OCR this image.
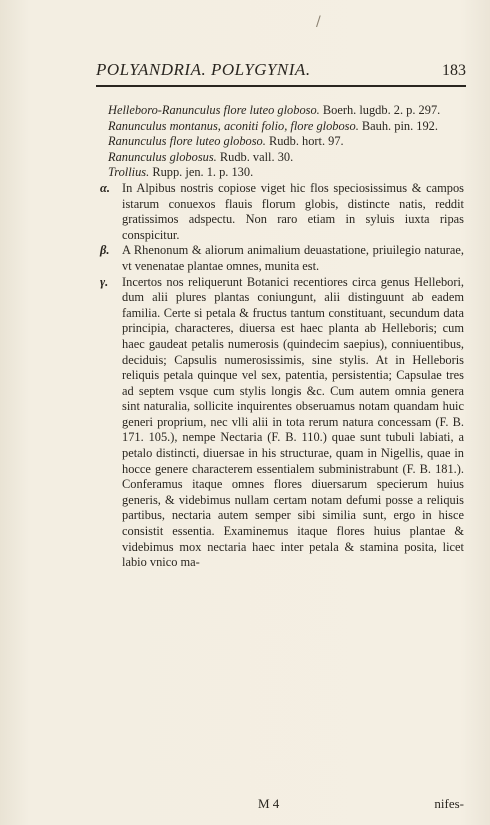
/
POLYANDRIA. POLYGYNIA.	183

Helleboro-Ranunculus flore luteo globoso. Boerh. lugdb. 2. p. 297.

Ranunculus montanus, aconiti folio, flore globoso. Bauh. pin. 192.

Ranunculus flore luteo globoso. Rudb. hort. 97.

Ranunculus globosus. Rudb. vall. 30.

Trollius. Rupp. jen. 1. p. 130.

α. In Alpibus nostris copiose viget hic flos speciosissimus & campos istarum conuexos flauis florum globis, distincte natis, reddit gratissimos adspectu. Non raro etiam in syluis iuxta ripas conspicitur.

β. A Rhenonum & aliorum animalium deuastatione, priuilegio naturae, vt venenatae plantae omnes, munita est.

γ. Incertos nos reliquerunt Botanici recentiores circa genus Hellebori, dum alii plures plantas coniungunt, alii distinguunt ab eadem familia. Certe si petala & fructus tantum constituant, secundum data principia, characteres, diuersa est haec planta ab Helleboris; cum haec gaudeat petalis numerosis (quindecim saepius), conniuentibus, deciduis; Capsulis numerosissimis, sine stylis. At in Helleboris reliquis petala quinque vel sex, patentia, persistentia; Capsulae tres ad septem vsque cum stylis longis &c. Cum autem omnia genera sint naturalia, sollicite inquirentes obseruamus notam quandam huic generi proprium, nec vlli alii in tota rerum natura concessam (F. B. 171. 105.), nempe Nectaria (F. B. 110.) quae sunt tubuli labiati, a petalo distincti, diuersae in his structurae, quam in Nigellis, quae in hocce genere characterem essentialem subministrabunt (F. B. 181.). Conferamus itaque omnes flores diuersarum specierum huius generis, & videbimus nullam certam notam defumi posse a reliquis partibus, nectaria autem semper sibi similia sunt, ergo in hisce consistit essentia. Examinemus itaque flores huius plantae & videbimus mox nectaria haec inter petala & stamina posita, licet labio vnico ma-

M 4	nifes-
